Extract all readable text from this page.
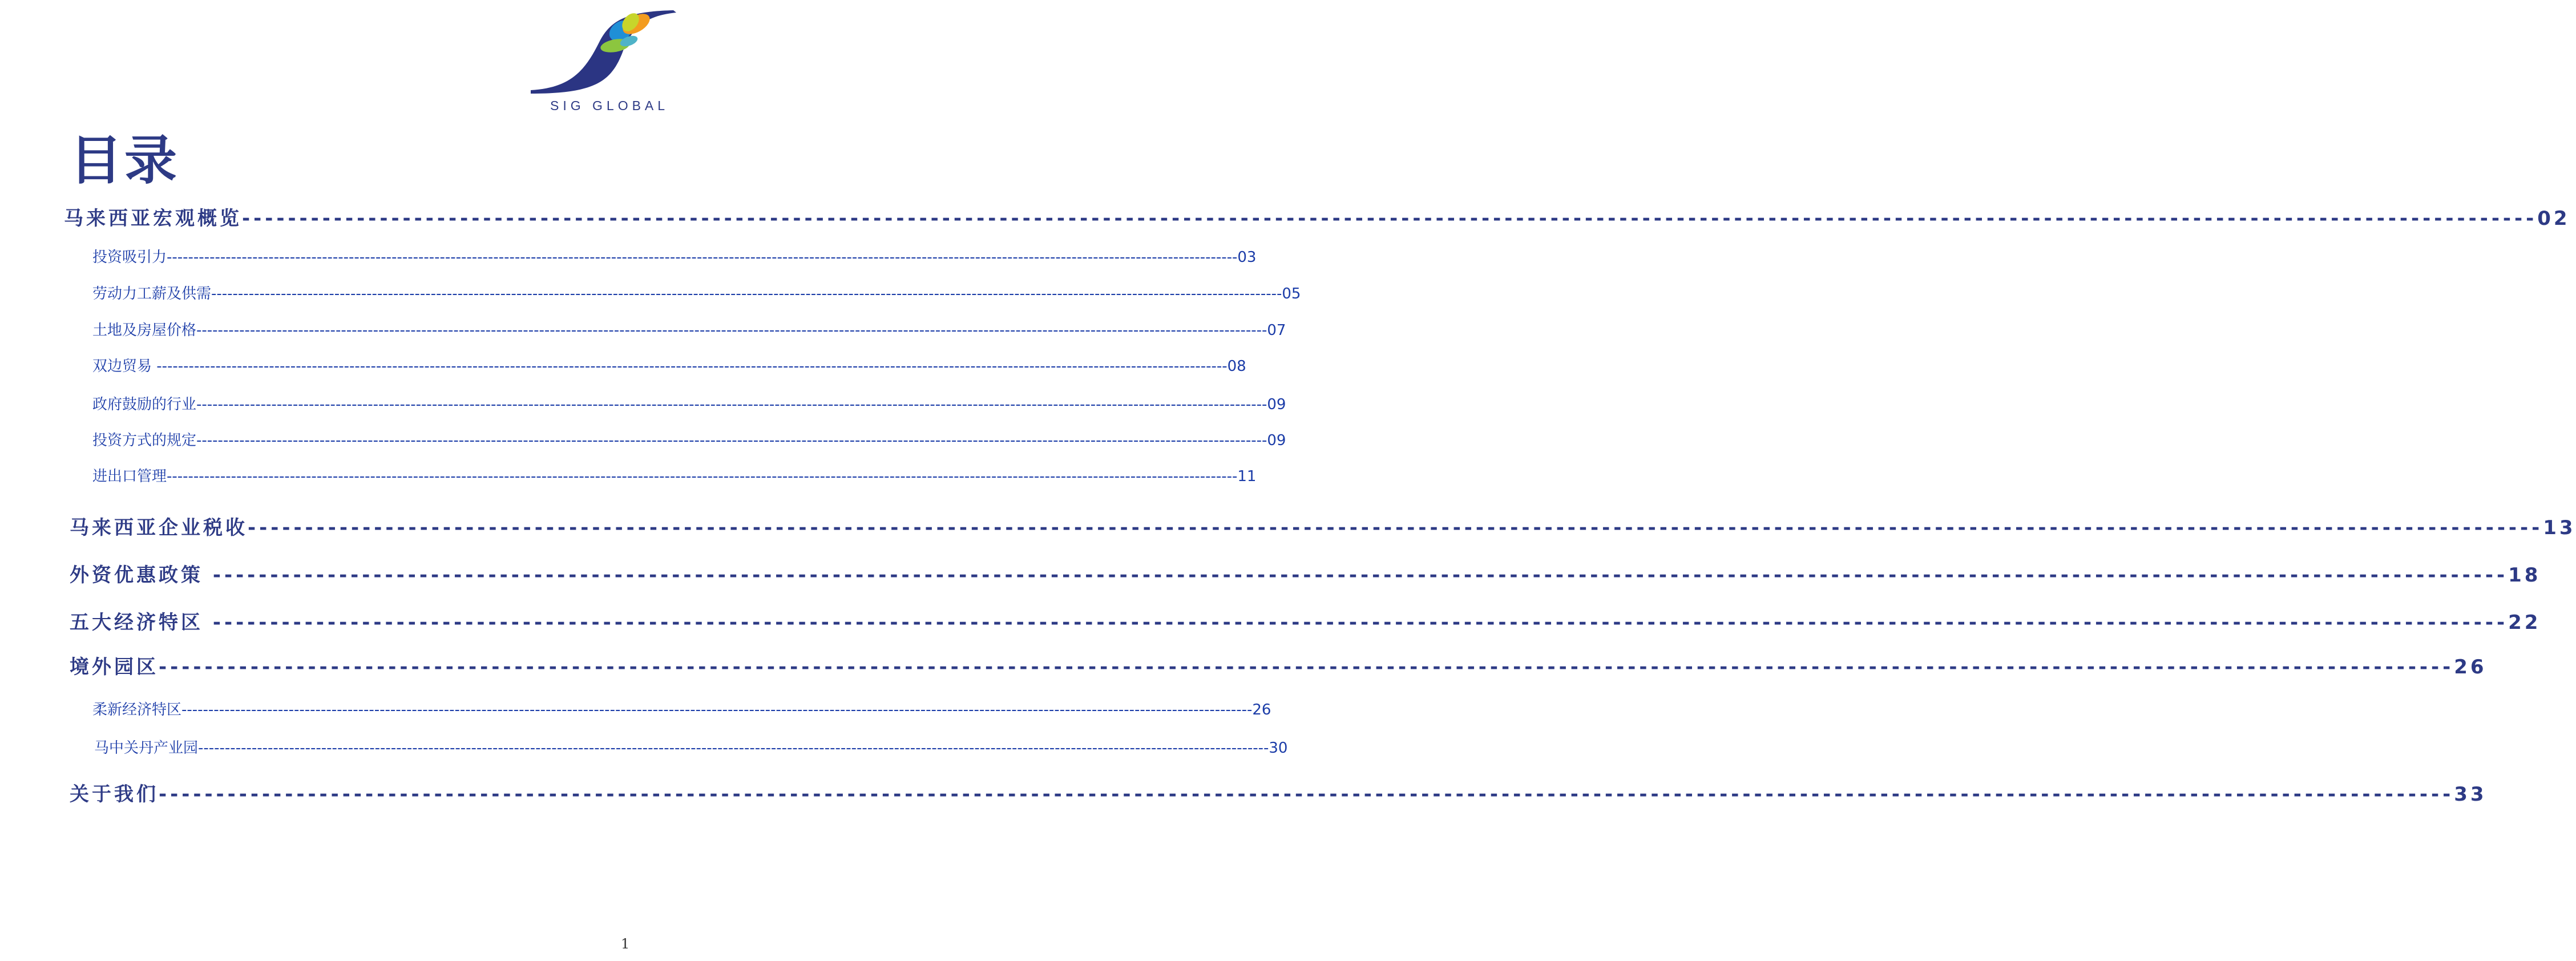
SIG GLOBAL
目录
马来西亚宏观概览 -------------------------------------------------------------------------------------------------------------------------------------------------------------------------------------------------------- 02
投资吸引力 -------------------------------------------------------------------------------------------------------------------------------------------------------------------------------------------------------- 03
劳动力工薪及供需 -------------------------------------------------------------------------------------------------------------------------------------------------------------------------------------------------------- 05
土地及房屋价格 -------------------------------------------------------------------------------------------------------------------------------------------------------------------------------------------------------- 07
双边贸易 -------------------------------------------------------------------------------------------------------------------------------------------------------------------------------------------------------- 08
政府鼓励的行业 -------------------------------------------------------------------------------------------------------------------------------------------------------------------------------------------------------- 09
投资方式的规定 -------------------------------------------------------------------------------------------------------------------------------------------------------------------------------------------------------- 09
进出口管理 -------------------------------------------------------------------------------------------------------------------------------------------------------------------------------------------------------- 11
马来西亚企业税收 -------------------------------------------------------------------------------------------------------------------------------------------------------------------------------------------------------- 13
外资优惠政策 -------------------------------------------------------------------------------------------------------------------------------------------------------------------------------------------------------- 18
五大经济特区 -------------------------------------------------------------------------------------------------------------------------------------------------------------------------------------------------------- 22
境外园区 -------------------------------------------------------------------------------------------------------------------------------------------------------------------------------------------------------- 26
柔新经济特区 -------------------------------------------------------------------------------------------------------------------------------------------------------------------------------------------------------- 26
马中关丹产业园 -------------------------------------------------------------------------------------------------------------------------------------------------------------------------------------------------------- 30
关于我们 -------------------------------------------------------------------------------------------------------------------------------------------------------------------------------------------------------- 33
1
